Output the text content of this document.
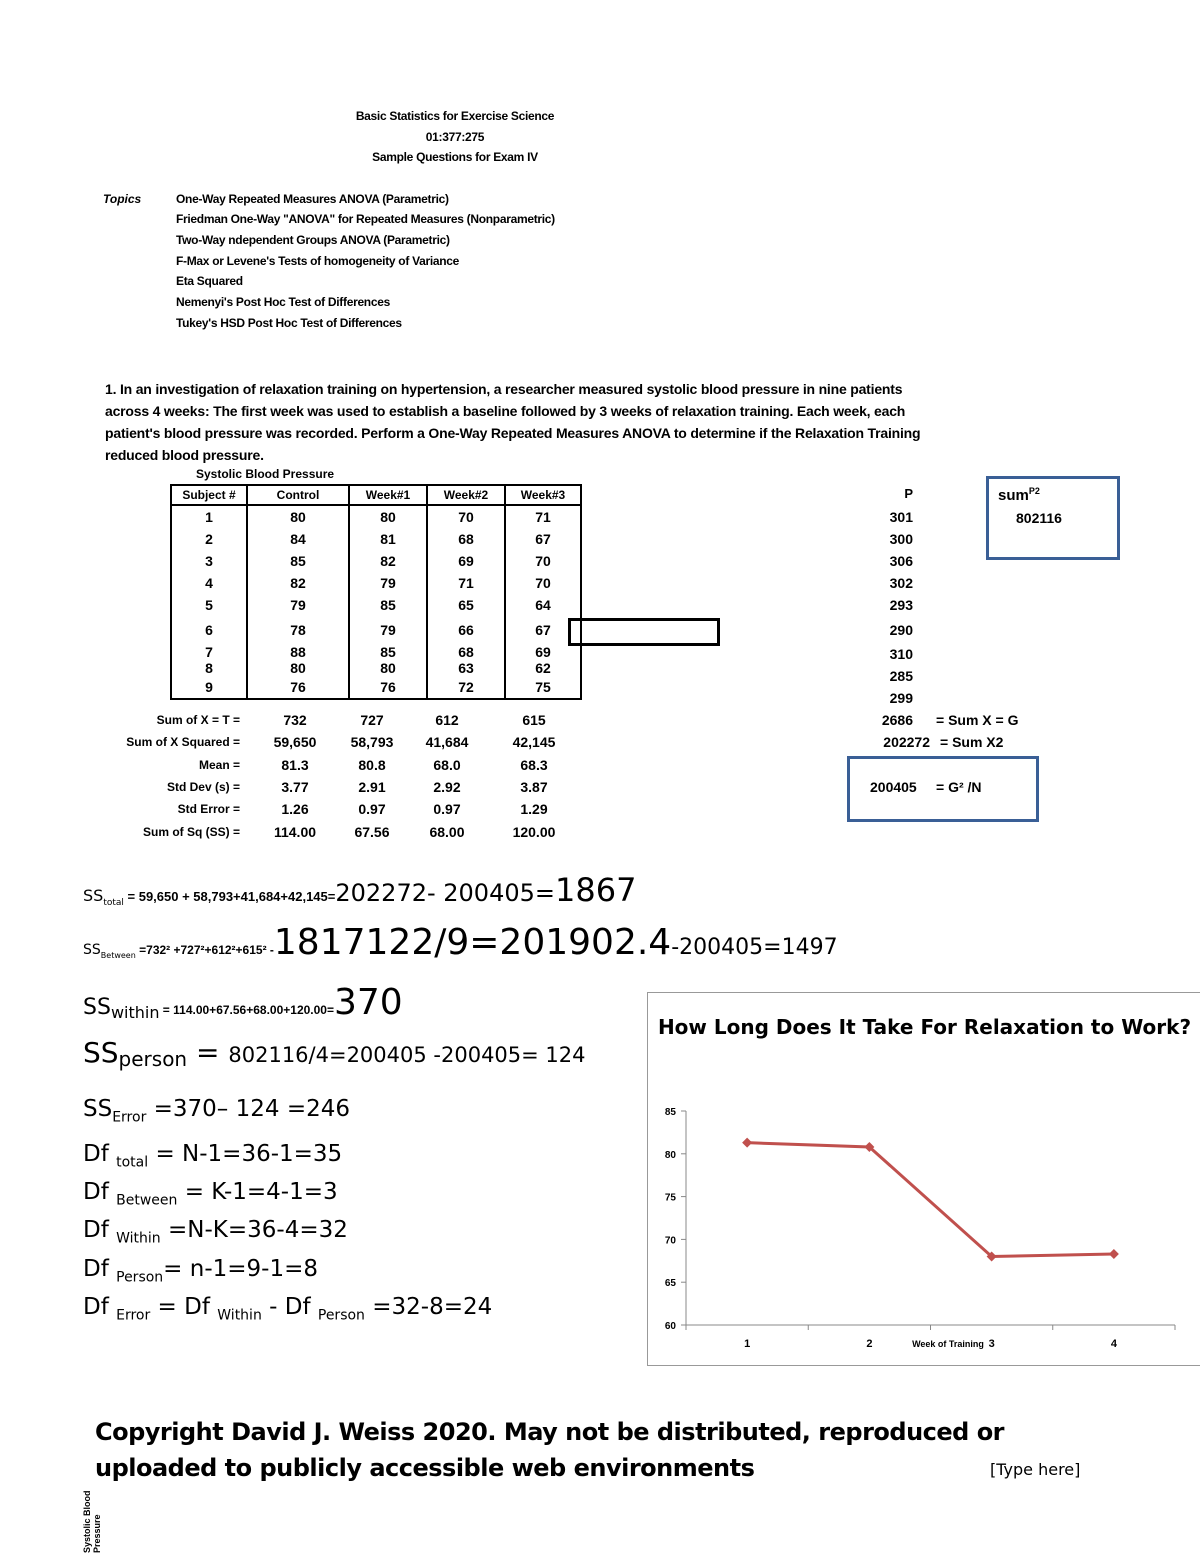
Basic Statistics for Exercise Science
01:377:275
Sample Questions for Exam IV
Topics	One-Way Repeated Measures ANOVA (Parametric)
Friedman One-Way "ANOVA" for Repeated Measures (Nonparametric)
Two-Way ndependent Groups ANOVA (Parametric)
F-Max or Levene's Tests of homogeneity of Variance
Eta Squared
Nemenyi's Post Hoc Test of Differences
Tukey's HSD Post Hoc Test of Differences
1. In an investigation of relaxation training on hypertension, a researcher measured systolic blood pressure in nine patients across 4 weeks: The first week was used to establish a baseline followed by 3 weeks of relaxation training. Each week, each patient's blood pressure was recorded. Perform a One-Way Repeated Measures ANOVA to determine if the Relaxation Training reduced blood pressure.
Systolic Blood Pressure
Subject #	Control	Week#1	Week#2	Week#3
1	80	80	70	71
2	84	81	68	67
3	85	82	69	70
4	82	79	71	70
5	79	85	65	64
6	78	79	66	67
7	88	85	68	69
8	80	80	63	62
9	76	76	72	75
Sum of X = T =	732	727	612	615
Sum of X Squared =	59,650	58,793	41,684	42,145
Mean =	81.3	80.8	68.0	68.3
Std Dev (s) =	3.77	2.91	2.92	3.87
Std Error =	1.26	0.97	0.97	1.29
Sum of Sq (SS) =	114.00	67.56	68.00	120.00
P
301
300
306
302
293
290
310
285
299
2686 = Sum X = G
202272 = Sum X2
200405 = G² /N
sum$^{P2}$
802116
$SS_{total} = 59,650 + 58,793+41,684+42,145=202272-$ 200405=1867
$SS_{Between} =732^2 +727^2+612^2+615^2$ -1817122/9=201902.4-200405=1497
$SS_{within} = 114.00+67.56+68.00+120.00=370$
$SS_{person} = 802116/4=200405$ -200405= 124
$SS_{Error} =370-$ 124 =246
Df $_{total}$ = N-1=36-1=35
Df $_{Between}$ = K-1=4-1=3
Df $_{Within}$ =N-K=36-4=32
Df $_{Person}$= n-1=9-1=8
Df $_{Error}$ = Df $_{Within}$ - Df $_{Person}$ =32-8=24
How Long Does It Take For Relaxation to Work?
60
65
70
75
80
85
1	2	3	4
Week of Training
Copyright David J. Weiss 2020. May not be distributed, reproduced or uploaded to publicly accessible web environments	[Type here]
Systolic Blood Pressure
